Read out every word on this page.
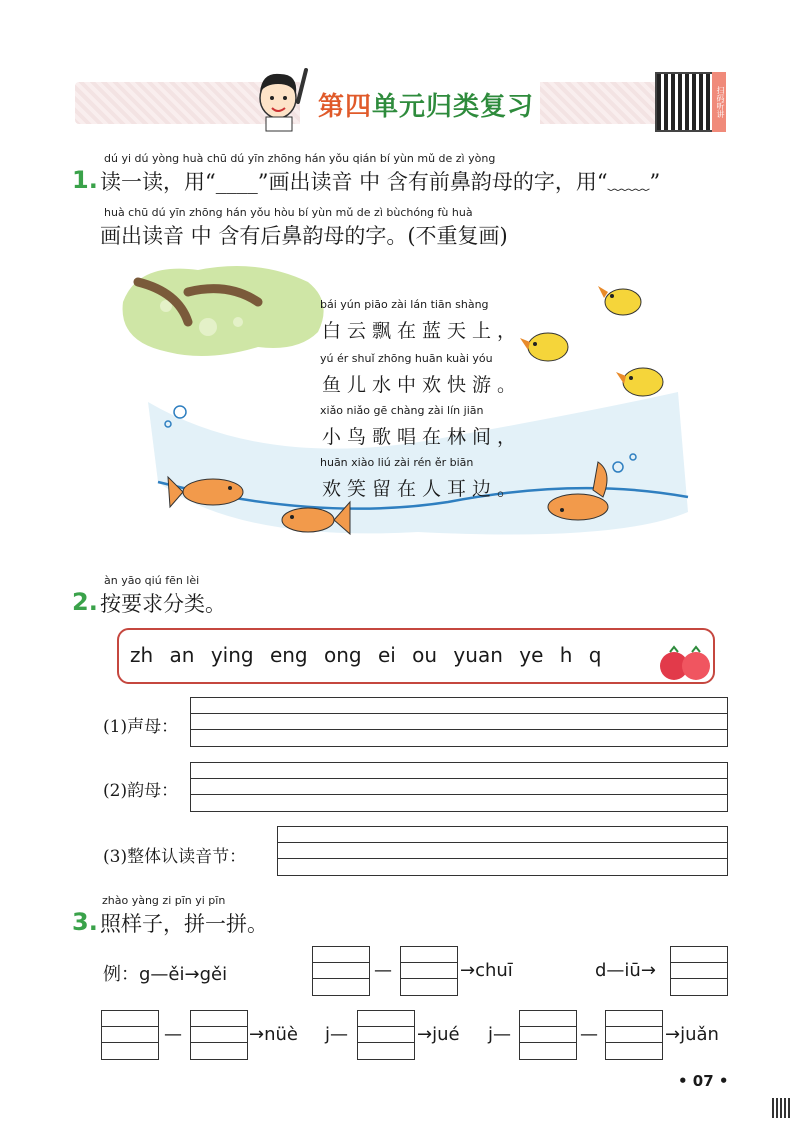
第四单元归类复习	扫码听讲
1.
dú yi dú yòng huà chū dú yīn zhōng hán yǒu qián bí yùn mǔ de zì yòng
读一读，用“____”画出读音 中 含有前鼻韵母的字，用“﹏﹏”
huà chū dú yīn zhōng hán yǒu hòu bí yùn mǔ de zì bùchóng fù huà
画出读音 中 含有后鼻韵母的字。(不重复画)
bái yún piāo zài lán tiān shàng
白云飘在蓝天上，
yú ér shuǐ zhōng huān kuài yóu
鱼儿水中欢快游。
xiǎo niǎo gē chàng zài lín jiān
小鸟歌唱在林间，
huān xiào liú zài rén ěr biān
欢笑留在人耳边。
2.
àn yāo qiú fēn lèi
按要求分类。
zh an ying eng ong ei ou yuan ye h q
(1)声母：
(2)韵母：
(3)整体认读音节：
3.
zhào yàng zi pīn yi pīn
照样子，拼一拼。
例：g—ěi→gěi	—	→chuī	d—iū→
—	→nüè j—	→jué j—	—	→juǎn
• 07 •
